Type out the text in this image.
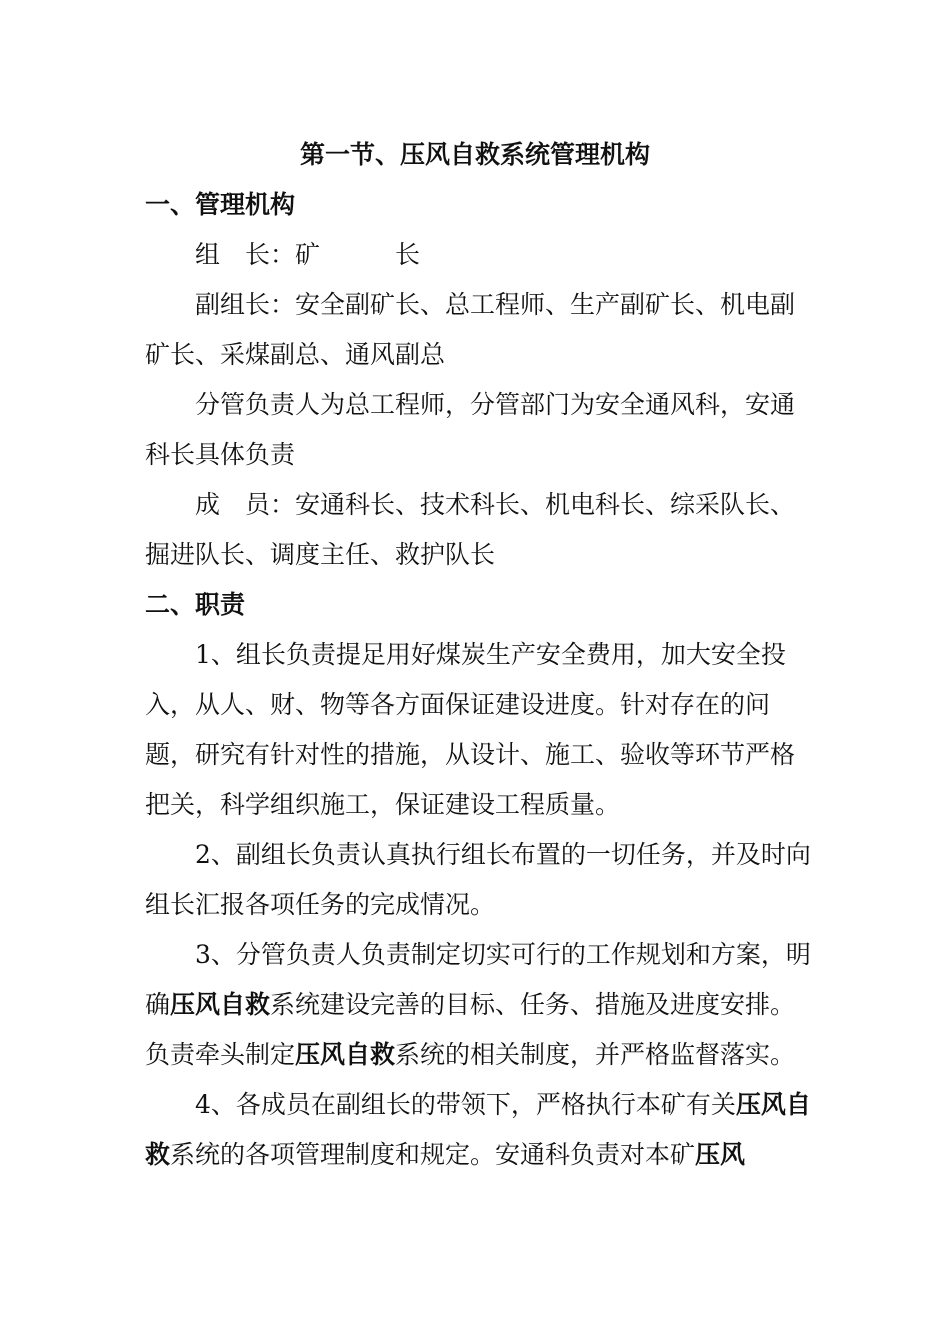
第一节、压风自救系统管理机构
一、管理机构
组　长：矿　　　长

副组长：安全副矿长、总工程师、生产副矿长、机电副矿长、采煤副总、通风副总

分管负责人为总工程师，分管部门为安全通风科，安通科长具体负责

成　员：安通科长、技术科长、机电科长、综采队长、掘进队长、调度主任、救护队长

二、职责

1、组长负责提足用好煤炭生产安全费用，加大安全投入，从人、财、物等各方面保证建设进度。针对存在的问题，研究有针对性的措施，从设计、施工、验收等环节严格把关，科学组织施工，保证建设工程质量。

2、副组长负责认真执行组长布置的一切任务，并及时向组长汇报各项任务的完成情况。

3、分管负责人负责制定切实可行的工作规划和方案，明确压风自救系统建设完善的目标、任务、措施及进度安排。负责牵头制定压风自救系统的相关制度，并严格监督落实。

4、各成员在副组长的带领下，严格执行本矿有关压风自救系统的各项管理制度和规定。安通科负责对本矿压风
